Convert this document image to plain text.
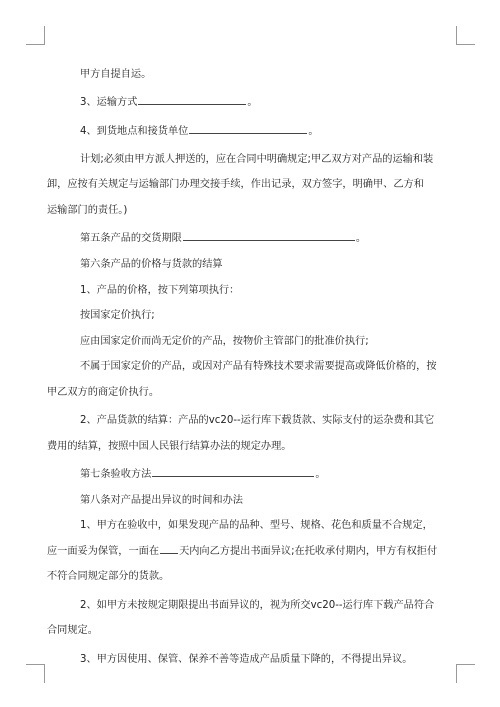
甲方自提自运。

3、运输方式	。

4、到货地点和接货单位	。

计划;必须由甲方派人押送的，应在合同中明确规定;甲乙双方对产品的运输和装

卸，应按有关规定与运输部门办理交接手续，作出记录，双方签字，明确甲、乙方和

运输部门的责任。)

第五条产品的交货期限	。

第六条产品的价格与货款的结算

1、产品的价格，按下列第项执行：

按国家定价执行;

应由国家定价而尚无定价的产品，按物价主管部门的批准价执行;

不属于国家定价的产品，或因对产品有特殊技术要求需要提高或降低价格的，按

甲乙双方的商定价执行。

2、产品货款的结算：产品的vc20--运行库下载货款、实际支付的运杂费和其它

费用的结算，按照中国人民银行结算办法的规定办理。

第七条验收方法	。

第八条对产品提出异议的时间和办法

1、甲方在验收中，如果发现产品的品种、型号、规格、花色和质量不合规定，

应一面妥为保管，一面在 天内向乙方提出书面异议;在托收承付期内，甲方有权拒付

不符合同规定部分的货款。

2、如甲方未按规定期限提出书面异议的，视为所交vc20--运行库下载产品符合

合同规定。

3、甲方因使用、保管、保养不善等造成产品质量下降的，不得提出异议。
